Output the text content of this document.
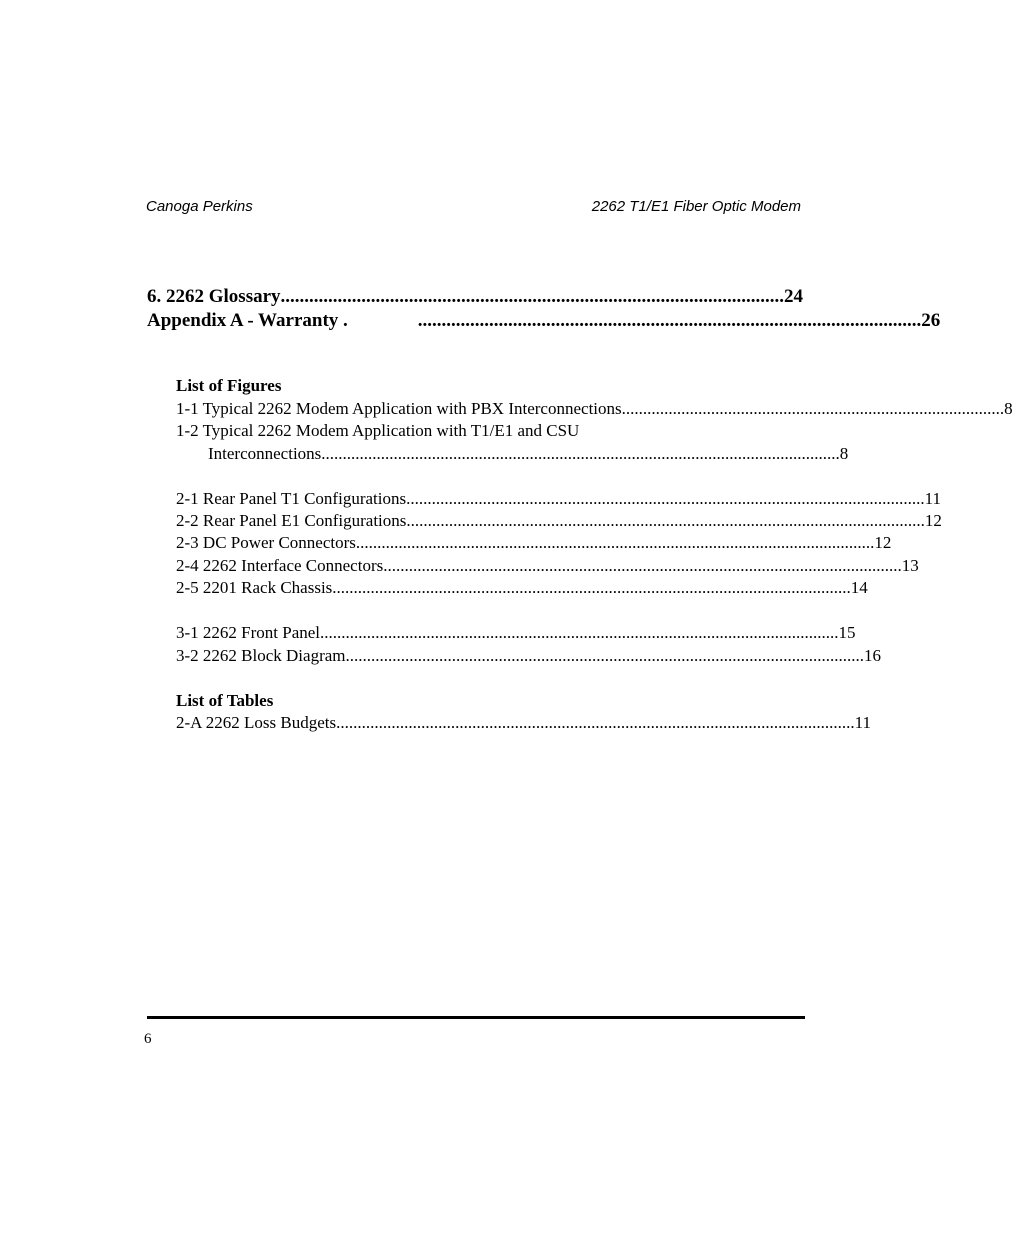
Canoga Perkins	2262 T1/E1 Fiber Optic Modem
6. 2262 Glossary .......................................................................................................... 24
Appendix A - Warranty .	.......................................................................................................... 26
List of Figures
1-1 Typical 2262 Modem Application with PBX Interconnections .......................................................................................... 8
1-2 Typical 2262 Modem Application with T1/E1 and CSU
Interconnections .......................................................................................................................... 8
2-1 Rear Panel T1 Configurations .......................................................................................................................... 11
2-2 Rear Panel E1 Configurations .......................................................................................................................... 12
2-3 DC Power Connectors .......................................................................................................................... 12
2-4 2262 Interface Connectors .......................................................................................................................... 13
2-5 2201 Rack Chassis .......................................................................................................................... 14
3-1 2262 Front Panel .......................................................................................................................... 15
3-2 2262 Block Diagram .......................................................................................................................... 16
List of Tables
2-A 2262 Loss Budgets .......................................................................................................................... 11
6
